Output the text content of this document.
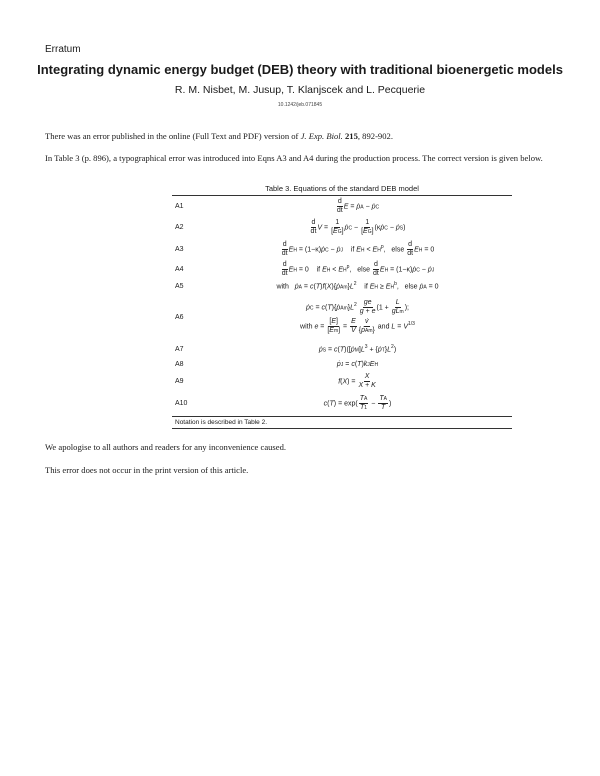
Erratum
Integrating dynamic energy budget (DEB) theory with traditional bioenergetic models
R. M. Nisbet, M. Jusup, T. Klanjscek and L. Pecquerie
10.1242/jeb.071845
There was an error published in the online (Full Text and PDF) version of J. Exp. Biol. 215, 892-902.
In Table 3 (p. 896), a typographical error was introduced into Eqns A3 and A4 during the production process. The correct version is given below.
Table 3. Equations of the standard DEB model
A1	$\frac{d}{dt}$ E = ṗA − ṗC
A2	$\frac{d}{dt}$ $V = \frac{1}{[EG]}$ ṗC − $\frac{1}{[EG]}$ (κṗC − ṗS)
A3	$\frac{d}{dt}$ EH = (1−κ)ṗC − ṗJ    if EH < $EH^p$,   else $\frac{d}{dt}$ EH = 0
A4	$\frac{d}{dt}$ EH = 0    if EH < $EH^p$,   else $\frac{d}{dt}$ EH = (1−κ)ṗC − ṗJ
A5	with   ṗA = $c(T)f(X)\{ṗAm\}L^2$    if EH ≥ $EH^b$,   else ṗA = 0
A6
ṗC = $c(T)\{ṗAm\}L^2 \frac{ge}{g + e} (1 + \frac{L}{\text{gLm}}$ );
with $e = \frac{[E]}{[Em]} = \frac{E}{V} \frac{v̇}{\text{\{ṗAm\}}}$ and $L = V^{1/3}$
A7	ṗS = $c(T)([ṗM]L^3$ + $\{ṗT\}L^2$)
A8	ṗJ = c(T)k̇JEH
A9	$f(X) = \frac{X}{X + K}$
A10	$c(T) = \exp( \frac{TA}{T1} - \frac{TA}{T}$ )
Notation is described in Table 2.
We apologise to all authors and readers for any inconvenience caused.
This error does not occur in the print version of this article.
